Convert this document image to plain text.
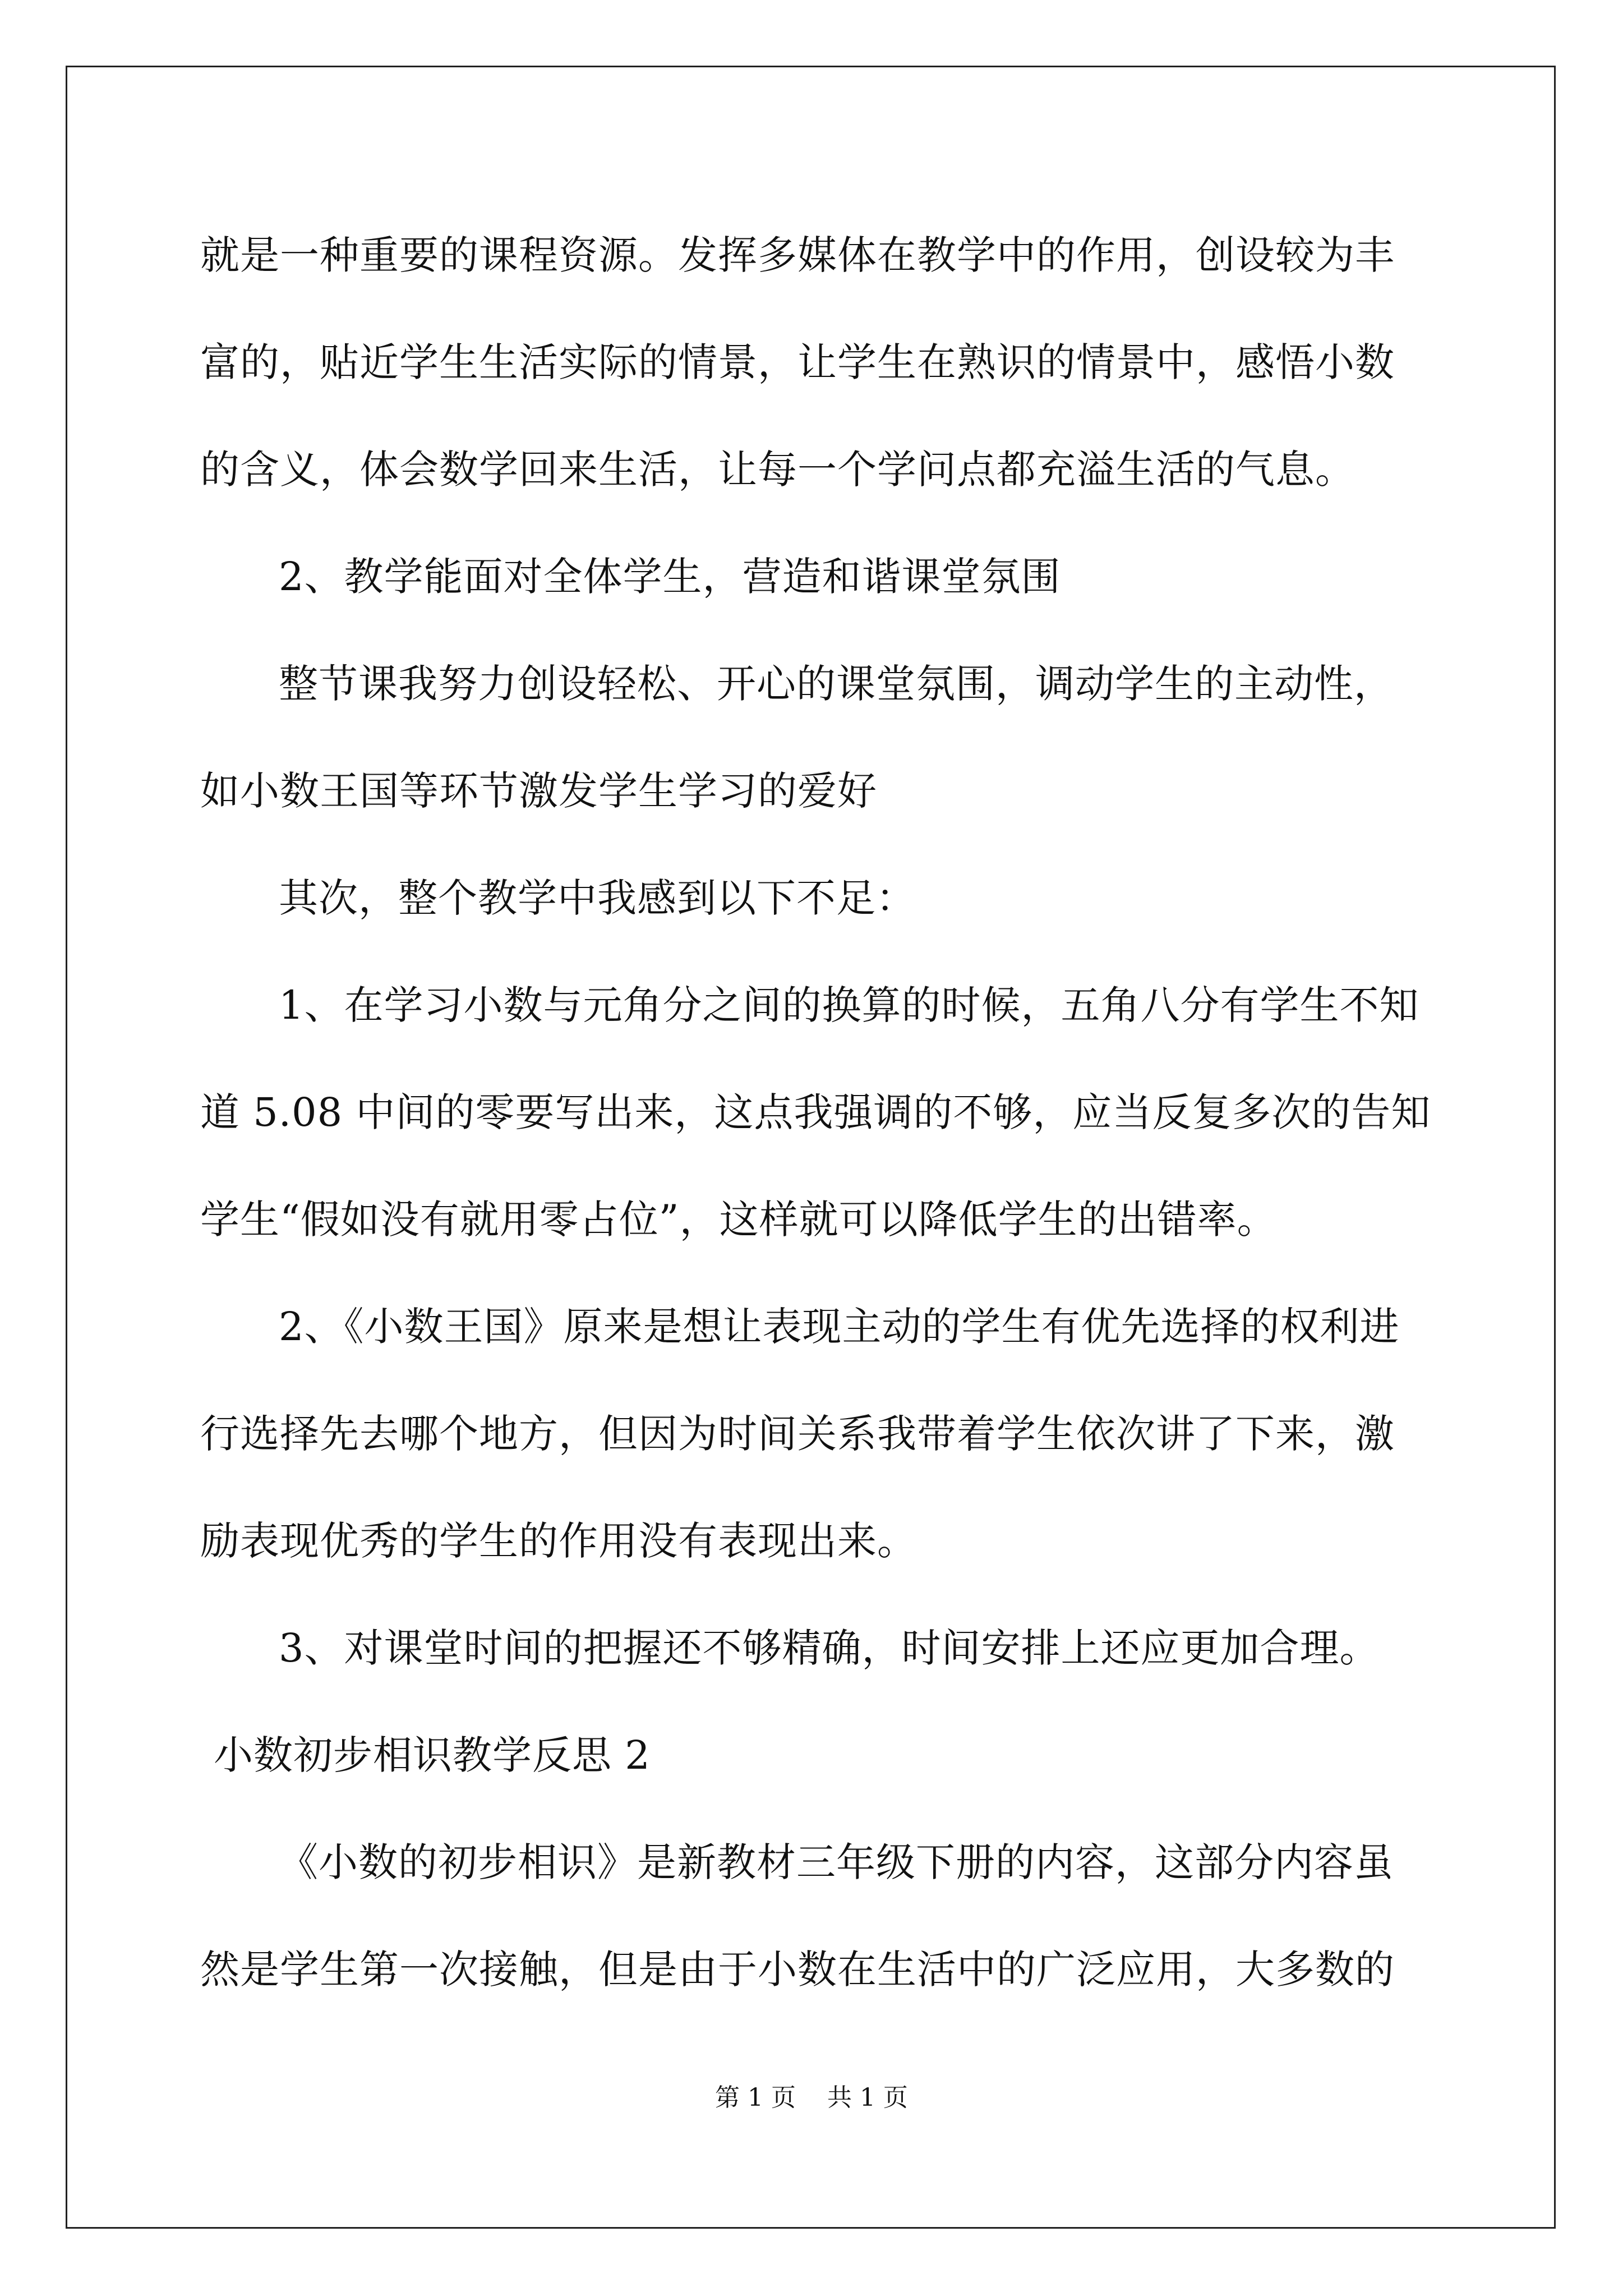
就是一种重要的课程资源。发挥多媒体在教学中的作用，创设较为丰
富的，贴近学生生活实际的情景，让学生在熟识的情景中，感悟小数
的含义，体会数学回来生活，让每一个学问点都充溢生活的气息。
2、教学能面对全体学生，营造和谐课堂氛围
整节课我努力创设轻松、开心的课堂氛围，调动学生的主动性，
如小数王国等环节激发学生学习的爱好
其次，整个教学中我感到以下不足：
1、在学习小数与元角分之间的换算的时候，五角八分有学生不知
道 5.08 中间的零要写出来，这点我强调的不够，应当反复多次的告知
学生“假如没有就用零占位”，这样就可以降低学生的出错率。
2、《小数王国》原来是想让表现主动的学生有优先选择的权利进
行选择先去哪个地方，但因为时间关系我带着学生依次讲了下来，激
励表现优秀的学生的作用没有表现出来。
3、对课堂时间的把握还不够精确，时间安排上还应更加合理。
小数初步相识教学反思 2
《小数的初步相识》是新教材三年级下册的内容，这部分内容虽
然是学生第一次接触，但是由于小数在生活中的广泛应用，大多数的
第 1 页    共 1 页
